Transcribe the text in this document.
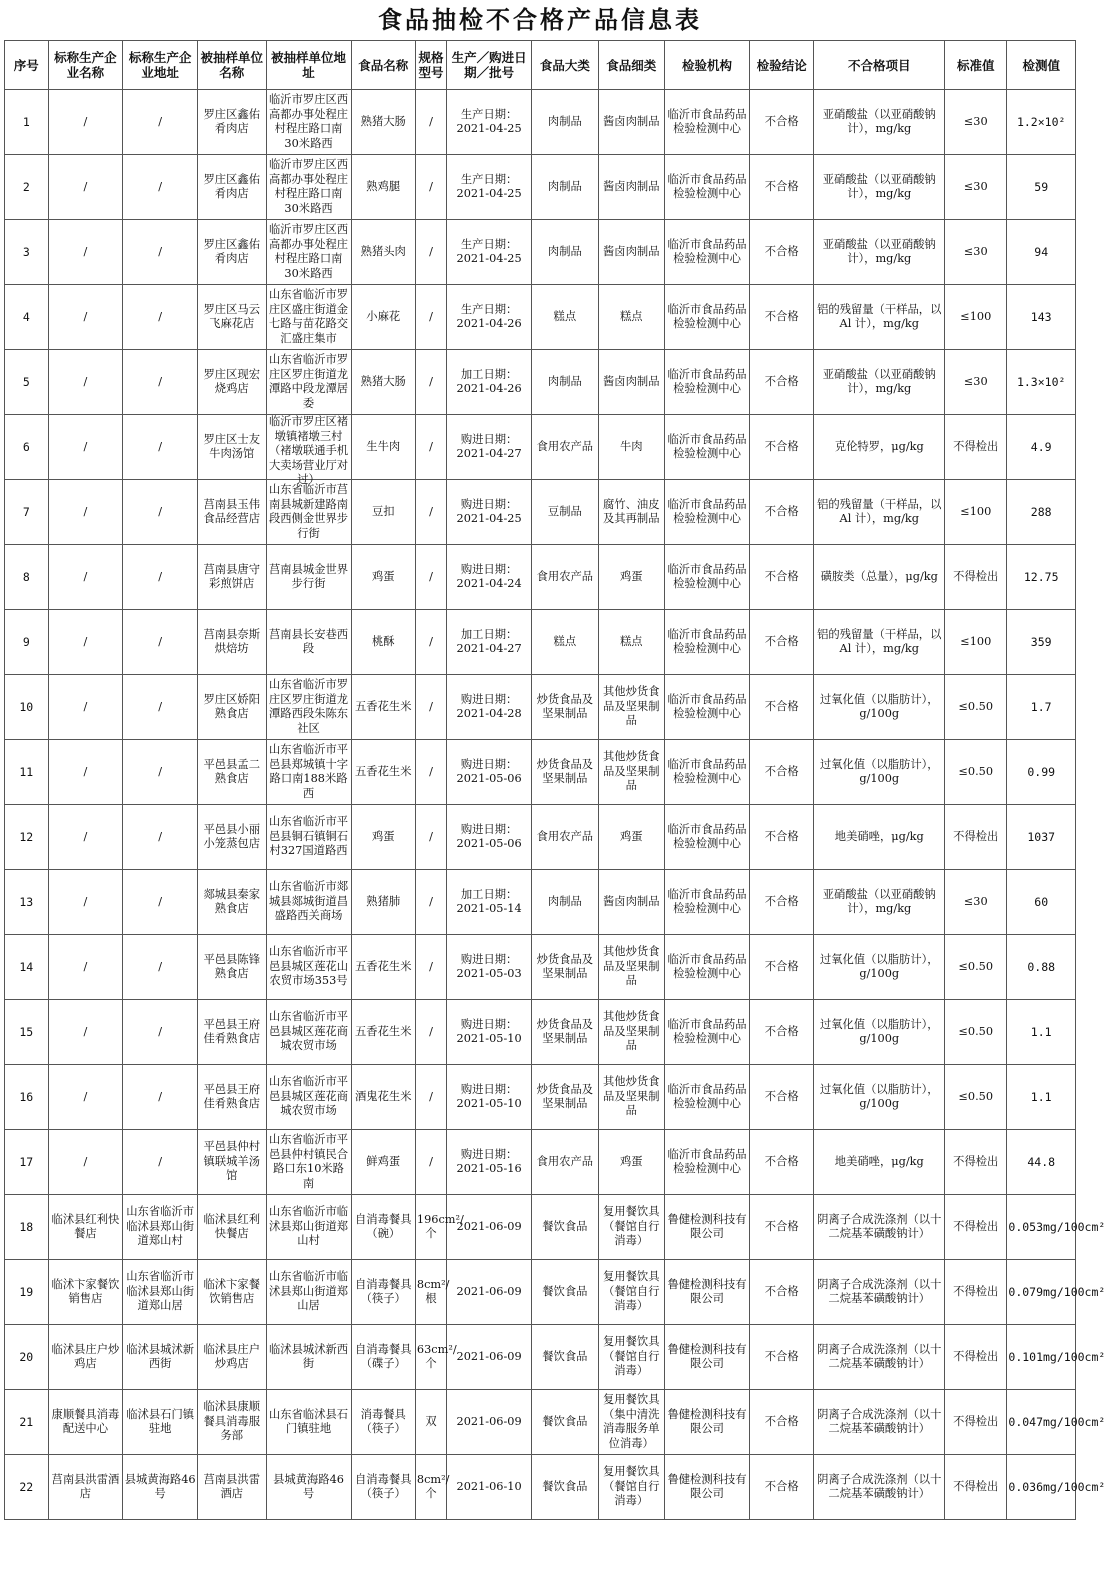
食品抽检不合格产品信息表
序号	标称生产企业名称	标称生产企业地址	被抽样单位名称	被抽样单位地址	食品名称	规格型号	生产／购进日期／批号	食品大类	食品细类	检验机构	检验结论	不合格项目	标准值	检测值

1	/	/	罗庄区鑫佑肴肉店	临沂市罗庄区西高都办事处程庄村程庄路口南30米路西	熟猪大肠	/	生产日期：2021-04-25	肉制品	酱卤肉制品	临沂市食品药品检验检测中心	不合格	亚硝酸盐（以亚硝酸钠计），mg/kg	≤30	1.2×10²

2	/	/	罗庄区鑫佑肴肉店	临沂市罗庄区西高都办事处程庄村程庄路口南30米路西	熟鸡腿	/	生产日期：2021-04-25	肉制品	酱卤肉制品	临沂市食品药品检验检测中心	不合格	亚硝酸盐（以亚硝酸钠计），mg/kg	≤30	59

3	/	/	罗庄区鑫佑肴肉店	临沂市罗庄区西高都办事处程庄村程庄路口南30米路西	熟猪头肉	/	生产日期：2021-04-25	肉制品	酱卤肉制品	临沂市食品药品检验检测中心	不合格	亚硝酸盐（以亚硝酸钠计），mg/kg	≤30	94

4	/	/	罗庄区马云飞麻花店	山东省临沂市罗庄区盛庄街道金七路与苗花路交汇盛庄集市	小麻花	/	生产日期：2021-04-26	糕点	糕点	临沂市食品药品检验检测中心	不合格	铝的残留量（干样品，以 Al 计），mg/kg	≤100	143

5	/	/	罗庄区现宏烧鸡店	山东省临沂市罗庄区罗庄街道龙潭路中段龙潭居委	熟猪大肠	/	加工日期：2021-04-26	肉制品	酱卤肉制品	临沂市食品药品检验检测中心	不合格	亚硝酸盐（以亚硝酸钠计），mg/kg	≤30	1.3×10²

6	/	/	罗庄区士友牛肉汤馆	临沂市罗庄区褚墩镇褚墩三村（褚墩联通手机大卖场营业厅对过）	生牛肉	/	购进日期：2021-04-27	食用农产品	牛肉	临沂市食品药品检验检测中心	不合格	克伦特罗，μg/kg	不得检出	4.9

7	/	/	莒南县玉伟食品经营店	山东省临沂市莒南县城新建路南段西侧金世界步行街	豆扣	/	购进日期：2021-04-25	豆制品	腐竹、油皮及其再制品	临沂市食品药品检验检测中心	不合格	铝的残留量（干样品，以 Al 计），mg/kg	≤100	288

8	/	/	莒南县唐守彩煎饼店	莒南县城金世界步行街	鸡蛋	/	购进日期：2021-04-24	食用农产品	鸡蛋	临沂市食品药品检验检测中心	不合格	磺胺类（总量），μg/kg	不得检出	12.75

9	/	/	莒南县奈斯烘焙坊	莒南县长安巷西段	桃酥	/	加工日期：2021-04-27	糕点	糕点	临沂市食品药品检验检测中心	不合格	铝的残留量（干样品，以 Al 计），mg/kg	≤100	359

10	/	/	罗庄区娇阳熟食店	山东省临沂市罗庄区罗庄街道龙潭路西段朱陈东社区	五香花生米	/	购进日期：2021-04-28	炒货食品及坚果制品	其他炒货食品及坚果制品	临沂市食品药品检验检测中心	不合格	过氧化值（以脂肪计），g/100g	≤0.50	1.7

11	/	/	平邑县孟二熟食店	山东省临沂市平邑县郑城镇十字路口南188米路西	五香花生米	/	购进日期：2021-05-06	炒货食品及坚果制品	其他炒货食品及坚果制品	临沂市食品药品检验检测中心	不合格	过氧化值（以脂肪计），g/100g	≤0.50	0.99

12	/	/	平邑县小丽小笼蒸包店	山东省临沂市平邑县铜石镇铜石村327国道路西	鸡蛋	/	购进日期：2021-05-06	食用农产品	鸡蛋	临沂市食品药品检验检测中心	不合格	地美硝唑，μg/kg	不得检出	1037

13	/	/	郯城县秦家熟食店	山东省临沂市郯城县郯城街道昌盛路西关商场	熟猪肺	/	加工日期：2021-05-14	肉制品	酱卤肉制品	临沂市食品药品检验检测中心	不合格	亚硝酸盐（以亚硝酸钠计），mg/kg	≤30	60

14	/	/	平邑县陈锋熟食店	山东省临沂市平邑县城区莲花山农贸市场353号	五香花生米	/	购进日期：2021-05-03	炒货食品及坚果制品	其他炒货食品及坚果制品	临沂市食品药品检验检测中心	不合格	过氧化值（以脂肪计），g/100g	≤0.50	0.88

15	/	/	平邑县王府佳肴熟食店	山东省临沂市平邑县城区莲花商城农贸市场	五香花生米	/	购进日期：2021-05-10	炒货食品及坚果制品	其他炒货食品及坚果制品	临沂市食品药品检验检测中心	不合格	过氧化值（以脂肪计），g/100g	≤0.50	1.1

16	/	/	平邑县王府佳肴熟食店	山东省临沂市平邑县城区莲花商城农贸市场	酒鬼花生米	/	购进日期：2021-05-10	炒货食品及坚果制品	其他炒货食品及坚果制品	临沂市食品药品检验检测中心	不合格	过氧化值（以脂肪计），g/100g	≤0.50	1.1

17	/	/	平邑县仲村镇联城羊汤馆	山东省临沂市平邑县仲村镇民合路口东10米路南	鲜鸡蛋	/	购进日期：2021-05-16	食用农产品	鸡蛋	临沂市食品药品检验检测中心	不合格	地美硝唑，μg/kg	不得检出	44.8

18	临沭县红利快餐店	山东省临沂市临沭县郑山街道郑山村	临沭县红利快餐店	山东省临沂市临沭县郑山街道郑山村	自消毒餐具（碗）	196cm²/个	2021-06-09	餐饮食品	复用餐饮具（餐馆自行消毒）	鲁健检测科技有限公司	不合格	阴离子合成洗涤剂（以十二烷基苯磺酸钠计）	不得检出	0.053mg/100cm²

19	临沭卞家餐饮销售店	山东省临沂市临沭县郑山街道郑山居	临沭卞家餐饮销售店	山东省临沂市临沭县郑山街道郑山居	自消毒餐具（筷子）	8cm²/根	2021-06-09	餐饮食品	复用餐饮具（餐馆自行消毒）	鲁健检测科技有限公司	不合格	阴离子合成洗涤剂（以十二烷基苯磺酸钠计）	不得检出	0.079mg/100cm²

20	临沭县庄户炒鸡店	临沭县城沭新西街	临沭县庄户炒鸡店	临沭县城沭新西街	自消毒餐具（碟子）	63cm²/个	2021-06-09	餐饮食品	复用餐饮具（餐馆自行消毒）	鲁健检测科技有限公司	不合格	阴离子合成洗涤剂（以十二烷基苯磺酸钠计）	不得检出	0.101mg/100cm²

21	康顺餐具消毒配送中心	临沭县石门镇驻地	临沭县康顺餐具消毒服务部	山东省临沭县石门镇驻地	消毒餐具（筷子）	双	2021-06-09	餐饮食品	复用餐饮具（集中清洗消毒服务单位消毒）	鲁健检测科技有限公司	不合格	阴离子合成洗涤剂（以十二烷基苯磺酸钠计）	不得检出	0.047mg/100cm²

22	莒南县洪雷酒店	县城黄海路46号	莒南县洪雷酒店	县城黄海路46号	自消毒餐具（筷子）	8cm²/个	2021-06-10	餐饮食品	复用餐饮具（餐馆自行消毒）	鲁健检测科技有限公司	不合格	阴离子合成洗涤剂（以十二烷基苯磺酸钠计）	不得检出	0.036mg/100cm²
